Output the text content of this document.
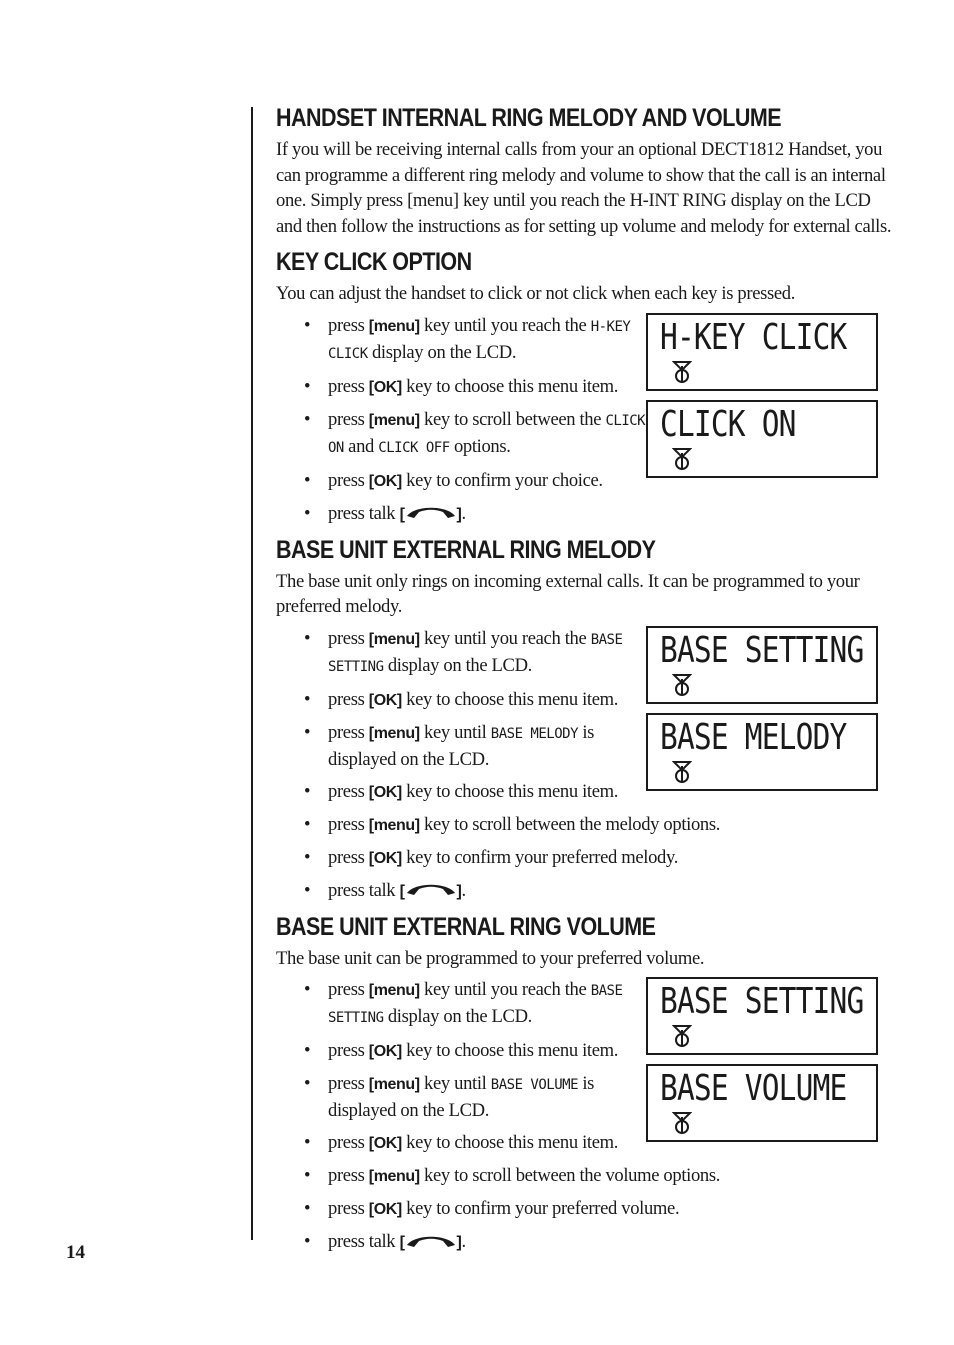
14
HANDSET INTERNAL RING MELODY AND VOLUME

If you will be receiving internal calls from your an optional DECT1812 Handset, you can programme a different ring melody and volume to show that the call is an internal one. Simply press [menu] key until you reach the H-INT RING display on the LCD and then follow the instructions as for setting up volume and melody for external calls.

KEY CLICK OPTION

You can adjust the handset to click or not click when each key is pressed.

• press [menu] key until you reach the H-KEY CLICK display on the LCD.
• press [OK] key to choose this menu item.
• press [menu] key to scroll between the CLICK ON and CLICK OFF options.
• press [OK] key to confirm your choice.
• press talk [	].
H-KEY CLICK
CLICK ON
BASE UNIT EXTERNAL RING MELODY

The base unit only rings on incoming external calls. It can be programmed to your preferred melody.

• press [menu] key until you reach the BASE SETTING display on the LCD.
• press [OK] key to choose this menu item.
• press [menu] key until BASE MELODY is displayed on the LCD.
• press [OK] key to choose this menu item.
• press [menu] key to scroll between the melody options.
• press [OK] key to confirm your preferred melody.
• press talk [	].
BASE SETTING
BASE MELODY
BASE UNIT EXTERNAL RING VOLUME

The base unit can be programmed to your preferred volume.

• press [menu] key until you reach the BASE SETTING display on the LCD.
• press [OK] key to choose this menu item.
• press [menu] key until BASE VOLUME is displayed on the LCD.
• press [OK] key to choose this menu item.
• press [menu] key to scroll between the volume options.
• press [OK] key to confirm your preferred volume.
• press talk [	].
BASE SETTING
BASE VOLUME
